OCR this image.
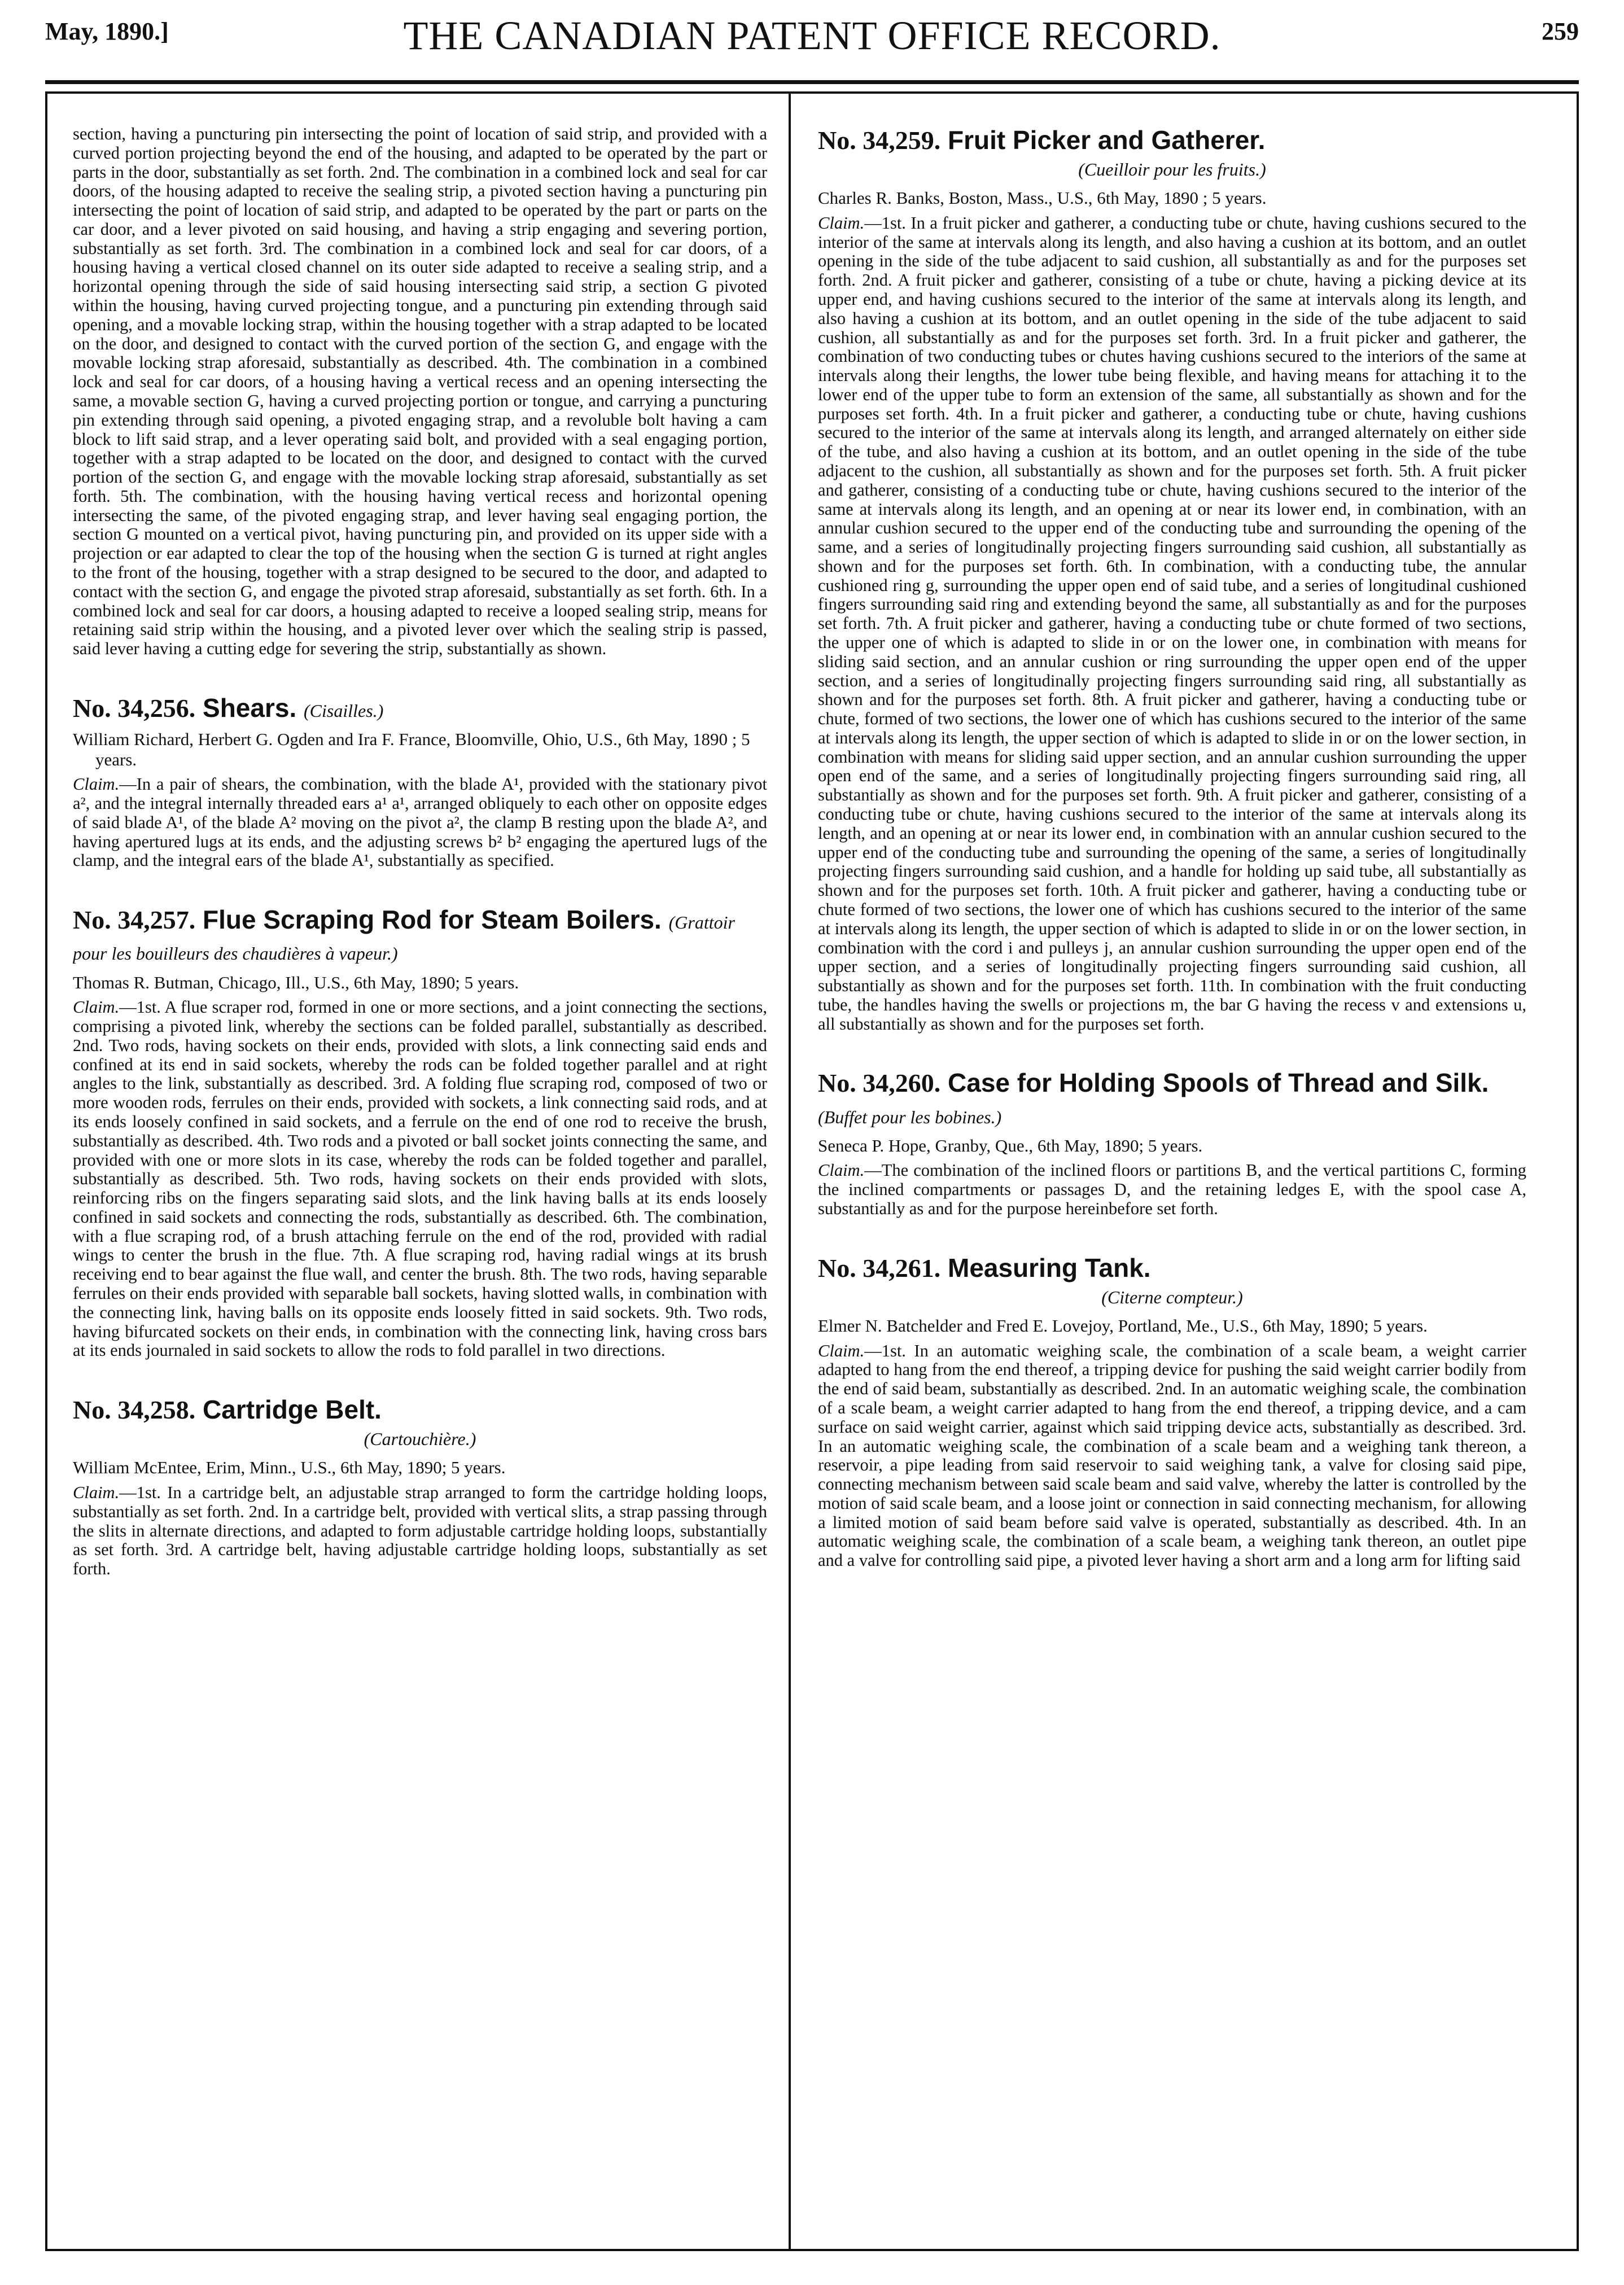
May, 1890.]	THE CANADIAN PATENT OFFICE RECORD.	259

section, having a puncturing pin intersecting the point of location of said strip, and provided with a curved portion projecting beyond the end of the housing, and adapted to be operated by the part or parts in the door, substantially as set forth. 2nd. The combination in a combined lock and seal for car doors, of the housing adapted to receive the sealing strip, a pivoted section having a puncturing pin intersecting the point of location of said strip, and adapted to be operated by the part or parts on the car door, and a lever pivoted on said housing, and having a strip engaging and severing portion, substantially as set forth. 3rd. The combination in a combined lock and seal for car doors, of a housing having a vertical closed channel on its outer side adapted to receive a sealing strip, and a horizontal opening through the side of said housing intersecting said strip, a section G pivoted within the housing, having curved projecting tongue, and a puncturing pin extending through said opening, and a movable locking strap, within the housing together with a strap adapted to be located on the door, and designed to contact with the curved portion of the section G, and engage with the movable locking strap aforesaid, substantially as described. 4th. The combination in a combined lock and seal for car doors, of a housing having a vertical recess and an opening intersecting the same, a movable section G, having a curved projecting portion or tongue, and carrying a puncturing pin extending through said opening, a pivoted engaging strap, and a revoluble bolt having a cam block to lift said strap, and a lever operating said bolt, and provided with a seal engaging portion, together with a strap adapted to be located on the door, and designed to contact with the curved portion of the section G, and engage with the movable locking strap aforesaid, substantially as set forth. 5th. The combination, with the housing having vertical recess and horizontal opening intersecting the same, of the pivoted engaging strap, and lever having seal engaging portion, the section G mounted on a vertical pivot, having puncturing pin, and provided on its upper side with a projection or ear adapted to clear the top of the housing when the section G is turned at right angles to the front of the housing, together with a strap designed to be secured to the door, and adapted to contact with the section G, and engage the pivoted strap aforesaid, substantially as set forth. 6th. In a combined lock and seal for car doors, a housing adapted to receive a looped sealing strip, means for retaining said strip within the housing, and a pivoted lever over which the sealing strip is passed, said lever having a cutting edge for severing the strip, substantially as shown.

No. 34,256. Shears. (Cisailles.)
William Richard, Herbert G. Ogden and Ira F. France, Bloomville, Ohio, U.S., 6th May, 1890 ; 5 years.

Claim.—In a pair of shears, the combination, with the blade A¹, provided with the stationary pivot a², and the integral internally threaded ears a¹ a¹, arranged obliquely to each other on opposite edges of said blade A¹, of the blade A² moving on the pivot a², the clamp B resting upon the blade A², and having apertured lugs at its ends, and the adjusting screws b² b² engaging the apertured lugs of the clamp, and the integral ears of the blade A¹, substantially as specified.

No. 34,257. Flue Scraping Rod for Steam Boilers. (Grattoir pour les bouilleurs des chaudières à vapeur.)
Thomas R. Butman, Chicago, Ill., U.S., 6th May, 1890; 5 years.

Claim.—1st. A flue scraper rod, formed in one or more sections, and a joint connecting the sections, comprising a pivoted link, whereby the sections can be folded parallel, substantially as described. 2nd. Two rods, having sockets on their ends, provided with slots, a link connecting said ends and confined at its end in said sockets, whereby the rods can be folded together parallel and at right angles to the link, substantially as described. 3rd. A folding flue scraping rod, composed of two or more wooden rods, ferrules on their ends, provided with sockets, a link connecting said rods, and at its ends loosely confined in said sockets, and a ferrule on the end of one rod to receive the brush, substantially as described. 4th. Two rods and a pivoted or ball socket joints connecting the same, and provided with one or more slots in its case, whereby the rods can be folded together and parallel, substantially as described. 5th. Two rods, having sockets on their ends provided with slots, reinforcing ribs on the fingers separating said slots, and the link having balls at its ends loosely confined in said sockets and connecting the rods, substantially as described. 6th. The combination, with a flue scraping rod, of a brush attaching ferrule on the end of the rod, provided with radial wings to center the brush in the flue. 7th. A flue scraping rod, having radial wings at its brush receiving end to bear against the flue wall, and center the brush. 8th. The two rods, having separable ferrules on their ends provided with separable ball sockets, having slotted walls, in combination with the connecting link, having balls on its opposite ends loosely fitted in said sockets. 9th. Two rods, having bifurcated sockets on their ends, in combination with the connecting link, having cross bars at its ends journaled in said sockets to allow the rods to fold parallel in two directions.

No. 34,258. Cartridge Belt.
(Cartouchière.)
William McEntee, Erim, Minn., U.S., 6th May, 1890; 5 years.

Claim.—1st. In a cartridge belt, an adjustable strap arranged to form the cartridge holding loops, substantially as set forth. 2nd. In a cartridge belt, provided with vertical slits, a strap passing through the slits in alternate directions, and adapted to form adjustable cartridge holding loops, substantially as set forth. 3rd. A cartridge belt, having adjustable cartridge holding loops, substantially as set forth.

No. 34,259. Fruit Picker and Gatherer.
(Cueilloir pour les fruits.)
Charles R. Banks, Boston, Mass., U.S., 6th May, 1890 ; 5 years.

Claim.—1st. In a fruit picker and gatherer, a conducting tube or chute, having cushions secured to the interior of the same at intervals along its length, and also having a cushion at its bottom, and an outlet opening in the side of the tube adjacent to said cushion, all substantially as and for the purposes set forth. 2nd. A fruit picker and gatherer, consisting of a tube or chute, having a picking device at its upper end, and having cushions secured to the interior of the same at intervals along its length, and also having a cushion at its bottom, and an outlet opening in the side of the tube adjacent to said cushion, all substantially as and for the purposes set forth. 3rd. In a fruit picker and gatherer, the combination of two conducting tubes or chutes having cushions secured to the interiors of the same at intervals along their lengths, the lower tube being flexible, and having means for attaching it to the lower end of the upper tube to form an extension of the same, all substantially as shown and for the purposes set forth. 4th. In a fruit picker and gatherer, a conducting tube or chute, having cushions secured to the interior of the same at intervals along its length, and arranged alternately on either side of the tube, and also having a cushion at its bottom, and an outlet opening in the side of the tube adjacent to the cushion, all substantially as shown and for the purposes set forth. 5th. A fruit picker and gatherer, consisting of a conducting tube or chute, having cushions secured to the interior of the same at intervals along its length, and an opening at or near its lower end, in combination, with an annular cushion secured to the upper end of the conducting tube and surrounding the opening of the same, and a series of longitudinally projecting fingers surrounding said cushion, all substantially as shown and for the purposes set forth. 6th. In combination, with a conducting tube, the annular cushioned ring g, surrounding the upper open end of said tube, and a series of longitudinal cushioned fingers surrounding said ring and extending beyond the same, all substantially as and for the purposes set forth. 7th. A fruit picker and gatherer, having a conducting tube or chute formed of two sections, the upper one of which is adapted to slide in or on the lower one, in combination with means for sliding said section, and an annular cushion or ring surrounding the upper open end of the upper section, and a series of longitudinally projecting fingers surrounding said ring, all substantially as shown and for the purposes set forth. 8th. A fruit picker and gatherer, having a conducting tube or chute, formed of two sections, the lower one of which has cushions secured to the interior of the same at intervals along its length, the upper section of which is adapted to slide in or on the lower section, in combination with means for sliding said upper section, and an annular cushion surrounding the upper open end of the same, and a series of longitudinally projecting fingers surrounding said ring, all substantially as shown and for the purposes set forth. 9th. A fruit picker and gatherer, consisting of a conducting tube or chute, having cushions secured to the interior of the same at intervals along its length, and an opening at or near its lower end, in combination with an annular cushion secured to the upper end of the conducting tube and surrounding the opening of the same, a series of longitudinally projecting fingers surrounding said cushion, and a handle for holding up said tube, all substantially as shown and for the purposes set forth. 10th. A fruit picker and gatherer, having a conducting tube or chute formed of two sections, the lower one of which has cushions secured to the interior of the same at intervals along its length, the upper section of which is adapted to slide in or on the lower section, in combination with the cord i and pulleys j, an annular cushion surrounding the upper open end of the upper section, and a series of longitudinally projecting fingers surrounding said cushion, all substantially as shown and for the purposes set forth. 11th. In combination with the fruit conducting tube, the handles having the swells or projections m, the bar G having the recess v and extensions u, all substantially as shown and for the purposes set forth.

No. 34,260. Case for Holding Spools of Thread and Silk. (Buffet pour les bobines.)
Seneca P. Hope, Granby, Que., 6th May, 1890; 5 years.

Claim.—The combination of the inclined floors or partitions B, and the vertical partitions C, forming the inclined compartments or passages D, and the retaining ledges E, with the spool case A, substantially as and for the purpose hereinbefore set forth.

No. 34,261. Measuring Tank.
(Citerne compteur.)
Elmer N. Batchelder and Fred E. Lovejoy, Portland, Me., U.S., 6th May, 1890; 5 years.

Claim.—1st. In an automatic weighing scale, the combination of a scale beam, a weight carrier adapted to hang from the end thereof, a tripping device for pushing the said weight carrier bodily from the end of said beam, substantially as described. 2nd. In an automatic weighing scale, the combination of a scale beam, a weight carrier adapted to hang from the end thereof, a tripping device, and a cam surface on said weight carrier, against which said tripping device acts, substantially as described. 3rd. In an automatic weighing scale, the combination of a scale beam and a weighing tank thereon, a reservoir, a pipe leading from said reservoir to said weighing tank, a valve for closing said pipe, connecting mechanism between said scale beam and said valve, whereby the latter is controlled by the motion of said scale beam, and a loose joint or connection in said connecting mechanism, for allowing a limited motion of said beam before said valve is operated, substantially as described. 4th. In an automatic weighing scale, the combination of a scale beam, a weighing tank thereon, an outlet pipe and a valve for controlling said pipe, a pivoted lever having a short arm and a long arm for lifting said
